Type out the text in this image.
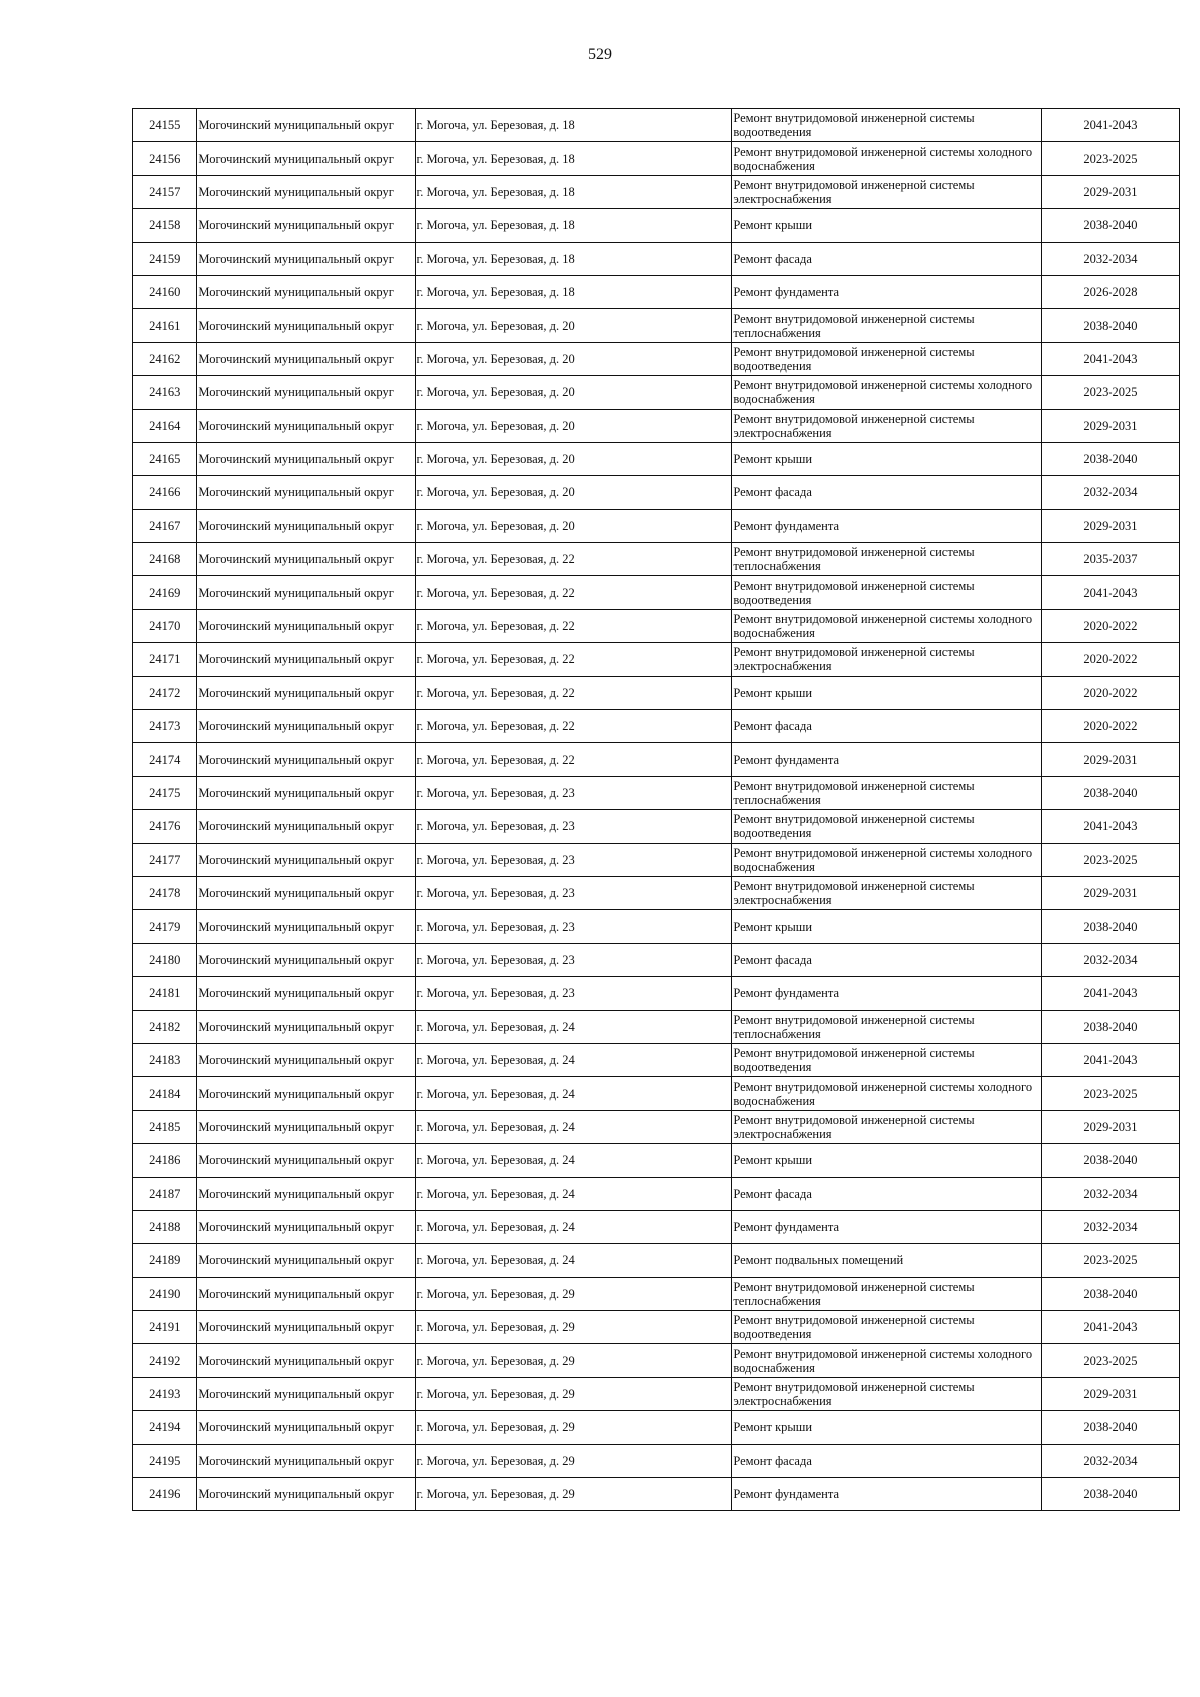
529
24155	Могочинский муниципальный округ	г. Могоча, ул. Березовая, д. 18	Ремонт внутридомовой инженерной системы водоотведения	2041-2043
24156	Могочинский муниципальный округ	г. Могоча, ул. Березовая, д. 18	Ремонт внутридомовой инженерной системы холодного водоснабжения	2023-2025
24157	Могочинский муниципальный округ	г. Могоча, ул. Березовая, д. 18	Ремонт внутридомовой инженерной системы электроснабжения	2029-2031
24158	Могочинский муниципальный округ	г. Могоча, ул. Березовая, д. 18	Ремонт крыши	2038-2040
24159	Могочинский муниципальный округ	г. Могоча, ул. Березовая, д. 18	Ремонт фасада	2032-2034
24160	Могочинский муниципальный округ	г. Могоча, ул. Березовая, д. 18	Ремонт фундамента	2026-2028
24161	Могочинский муниципальный округ	г. Могоча, ул. Березовая, д. 20	Ремонт внутридомовой инженерной системы теплоснабжения	2038-2040
24162	Могочинский муниципальный округ	г. Могоча, ул. Березовая, д. 20	Ремонт внутридомовой инженерной системы водоотведения	2041-2043
24163	Могочинский муниципальный округ	г. Могоча, ул. Березовая, д. 20	Ремонт внутридомовой инженерной системы холодного водоснабжения	2023-2025
24164	Могочинский муниципальный округ	г. Могоча, ул. Березовая, д. 20	Ремонт внутридомовой инженерной системы электроснабжения	2029-2031
24165	Могочинский муниципальный округ	г. Могоча, ул. Березовая, д. 20	Ремонт крыши	2038-2040
24166	Могочинский муниципальный округ	г. Могоча, ул. Березовая, д. 20	Ремонт фасада	2032-2034
24167	Могочинский муниципальный округ	г. Могоча, ул. Березовая, д. 20	Ремонт фундамента	2029-2031
24168	Могочинский муниципальный округ	г. Могоча, ул. Березовая, д. 22	Ремонт внутридомовой инженерной системы теплоснабжения	2035-2037
24169	Могочинский муниципальный округ	г. Могоча, ул. Березовая, д. 22	Ремонт внутридомовой инженерной системы водоотведения	2041-2043
24170	Могочинский муниципальный округ	г. Могоча, ул. Березовая, д. 22	Ремонт внутридомовой инженерной системы холодного водоснабжения	2020-2022
24171	Могочинский муниципальный округ	г. Могоча, ул. Березовая, д. 22	Ремонт внутридомовой инженерной системы электроснабжения	2020-2022
24172	Могочинский муниципальный округ	г. Могоча, ул. Березовая, д. 22	Ремонт крыши	2020-2022
24173	Могочинский муниципальный округ	г. Могоча, ул. Березовая, д. 22	Ремонт фасада	2020-2022
24174	Могочинский муниципальный округ	г. Могоча, ул. Березовая, д. 22	Ремонт фундамента	2029-2031
24175	Могочинский муниципальный округ	г. Могоча, ул. Березовая, д. 23	Ремонт внутридомовой инженерной системы теплоснабжения	2038-2040
24176	Могочинский муниципальный округ	г. Могоча, ул. Березовая, д. 23	Ремонт внутридомовой инженерной системы водоотведения	2041-2043
24177	Могочинский муниципальный округ	г. Могоча, ул. Березовая, д. 23	Ремонт внутридомовой инженерной системы холодного водоснабжения	2023-2025
24178	Могочинский муниципальный округ	г. Могоча, ул. Березовая, д. 23	Ремонт внутридомовой инженерной системы электроснабжения	2029-2031
24179	Могочинский муниципальный округ	г. Могоча, ул. Березовая, д. 23	Ремонт крыши	2038-2040
24180	Могочинский муниципальный округ	г. Могоча, ул. Березовая, д. 23	Ремонт фасада	2032-2034
24181	Могочинский муниципальный округ	г. Могоча, ул. Березовая, д. 23	Ремонт фундамента	2041-2043
24182	Могочинский муниципальный округ	г. Могоча, ул. Березовая, д. 24	Ремонт внутридомовой инженерной системы теплоснабжения	2038-2040
24183	Могочинский муниципальный округ	г. Могоча, ул. Березовая, д. 24	Ремонт внутридомовой инженерной системы водоотведения	2041-2043
24184	Могочинский муниципальный округ	г. Могоча, ул. Березовая, д. 24	Ремонт внутридомовой инженерной системы холодного водоснабжения	2023-2025
24185	Могочинский муниципальный округ	г. Могоча, ул. Березовая, д. 24	Ремонт внутридомовой инженерной системы электроснабжения	2029-2031
24186	Могочинский муниципальный округ	г. Могоча, ул. Березовая, д. 24	Ремонт крыши	2038-2040
24187	Могочинский муниципальный округ	г. Могоча, ул. Березовая, д. 24	Ремонт фасада	2032-2034
24188	Могочинский муниципальный округ	г. Могоча, ул. Березовая, д. 24	Ремонт фундамента	2032-2034
24189	Могочинский муниципальный округ	г. Могоча, ул. Березовая, д. 24	Ремонт подвальных помещений	2023-2025
24190	Могочинский муниципальный округ	г. Могоча, ул. Березовая, д. 29	Ремонт внутридомовой инженерной системы теплоснабжения	2038-2040
24191	Могочинский муниципальный округ	г. Могоча, ул. Березовая, д. 29	Ремонт внутридомовой инженерной системы водоотведения	2041-2043
24192	Могочинский муниципальный округ	г. Могоча, ул. Березовая, д. 29	Ремонт внутридомовой инженерной системы холодного водоснабжения	2023-2025
24193	Могочинский муниципальный округ	г. Могоча, ул. Березовая, д. 29	Ремонт внутридомовой инженерной системы электроснабжения	2029-2031
24194	Могочинский муниципальный округ	г. Могоча, ул. Березовая, д. 29	Ремонт крыши	2038-2040
24195	Могочинский муниципальный округ	г. Могоча, ул. Березовая, д. 29	Ремонт фасада	2032-2034
24196	Могочинский муниципальный округ	г. Могоча, ул. Березовая, д. 29	Ремонт фундамента	2038-2040
